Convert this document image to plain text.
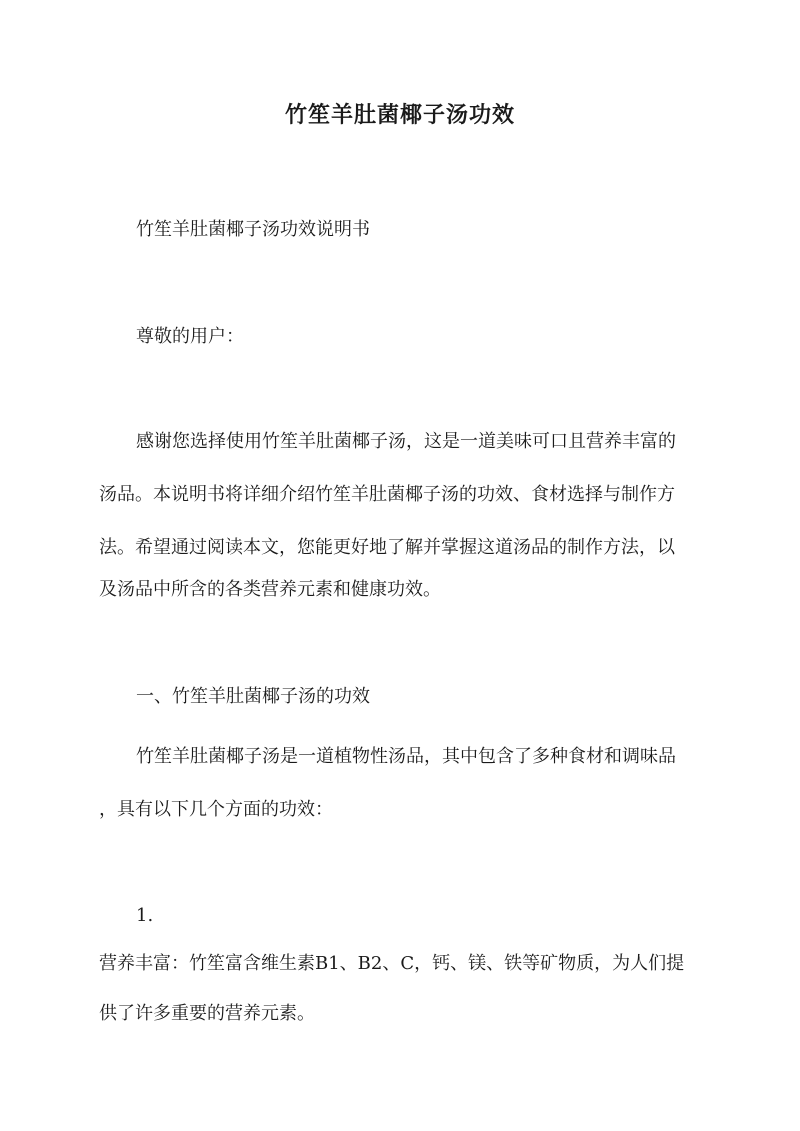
竹笙羊肚菌椰子汤功效
竹笙羊肚菌椰子汤功效说明书
尊敬的用户：
感谢您选择使用竹笙羊肚菌椰子汤，这是一道美味可口且营养丰富的
汤品。本说明书将详细介绍竹笙羊肚菌椰子汤的功效、食材选择与制作方
法。希望通过阅读本文，您能更好地了解并掌握这道汤品的制作方法，以
及汤品中所含的各类营养元素和健康功效。
一、竹笙羊肚菌椰子汤的功效
竹笙羊肚菌椰子汤是一道植物性汤品，其中包含了多种食材和调味品
，具有以下几个方面的功效：
1.
营养丰富：竹笙富含维生素B1、B2、C，钙、镁、铁等矿物质，为人们提
供了许多重要的营养元素。
